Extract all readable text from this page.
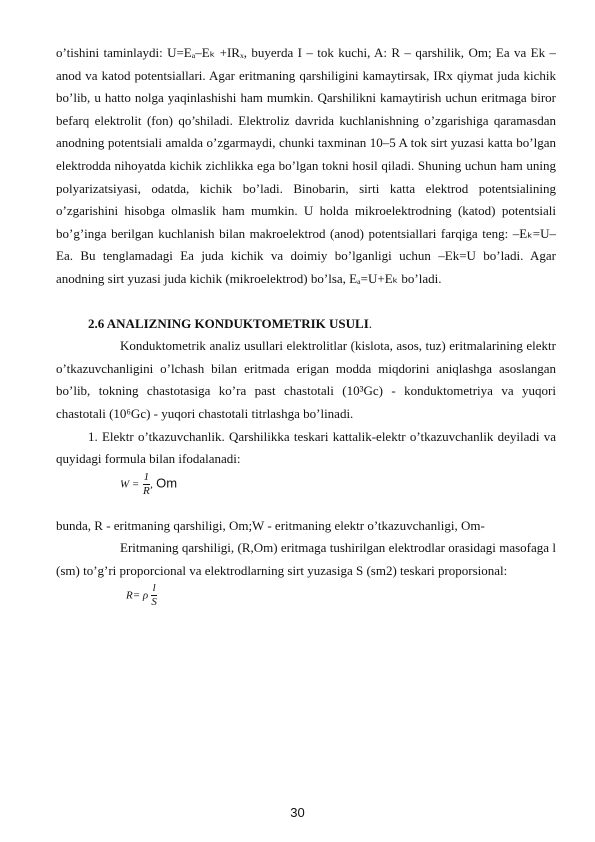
o’tishini taminlaydi: U=Eₐ–Eₖ +IRₓ, buyerda I – tok kuchi, A: R – qarshilik, Om; Ea va Ek – anod va katod potentsiallari. Agar eritmaning qarshiligini kamaytirsak, IRx qiymat juda kichik bo’lib, u hatto nolga yaqinlashishi ham mumkin. Qarshilikni kamaytirish uchun eritmaga biror befarq elektrolit (fon) qo’shiladi. Elektroliz davrida kuchlanishning o’zgarishiga qaramasdan anodning potentsiali amalda o’zgarmaydi, chunki taxminan 10–5 A tok sirt yuzasi katta bo’lgan elektrodda nihoyatda kichik zichlikka ega bo’lgan tokni hosil qiladi. Shuning uchun ham uning polyarizatsiyasi, odatda, kichik bo’ladi. Binobarin, sirti katta elektrod potentsialining o’zgarishini hisobga olmaslik ham mumkin. U holda mikroelektrodning (katod) potentsiali bo’g’inga berilgan kuchlanish bilan makroelektrod (anod) potentsiallari farqiga teng: –Eₖ=U–Ea. Bu tenglamadagi Ea juda kichik va doimiy bo’lganligi uchun –Ek=U bo’ladi. Agar anodning sirt yuzasi juda kichik (mikroelektrod) bo’lsa, Eₐ=U+Eₖ bo’ladi.

2.6 ANALIZNING KONDUKTOMETRIK USULI.

Konduktometrik analiz usullari elektrolitlar (kislota, asos, tuz) eritmalarining elektr o’tkazuvchanligini o’lchash bilan eritmada erigan modda miqdorini aniqlashga asoslangan bo’lib, tokning chastotasiga ko’ra past chastotali (10³Gc) - konduktometriya va yuqori chastotali (10⁶Gc) - yuqori chastotali titrlashga bo’linadi.

1. Elektr o’tkazuvchanlik. Qarshilikka teskari kattalik-elektr o’tkazuvchanlik deyiladi va quyidagi formula bilan ifodalanadi:

$W = \frac{1}{R}$ , Om

bunda, R - eritmaning qarshiligi, Om;W - eritmaning elektr o’tkazuvchanligi, Om-

Eritmaning qarshiligi, (R,Om) eritmaga tushirilgan elektrodlar orasidagi masofaga l (sm) to’g’ri proporcional va elektrodlarning sirt yuzasiga S (sm2) teskari proporsional:

R= ρ $\frac{l}{S}$
30
